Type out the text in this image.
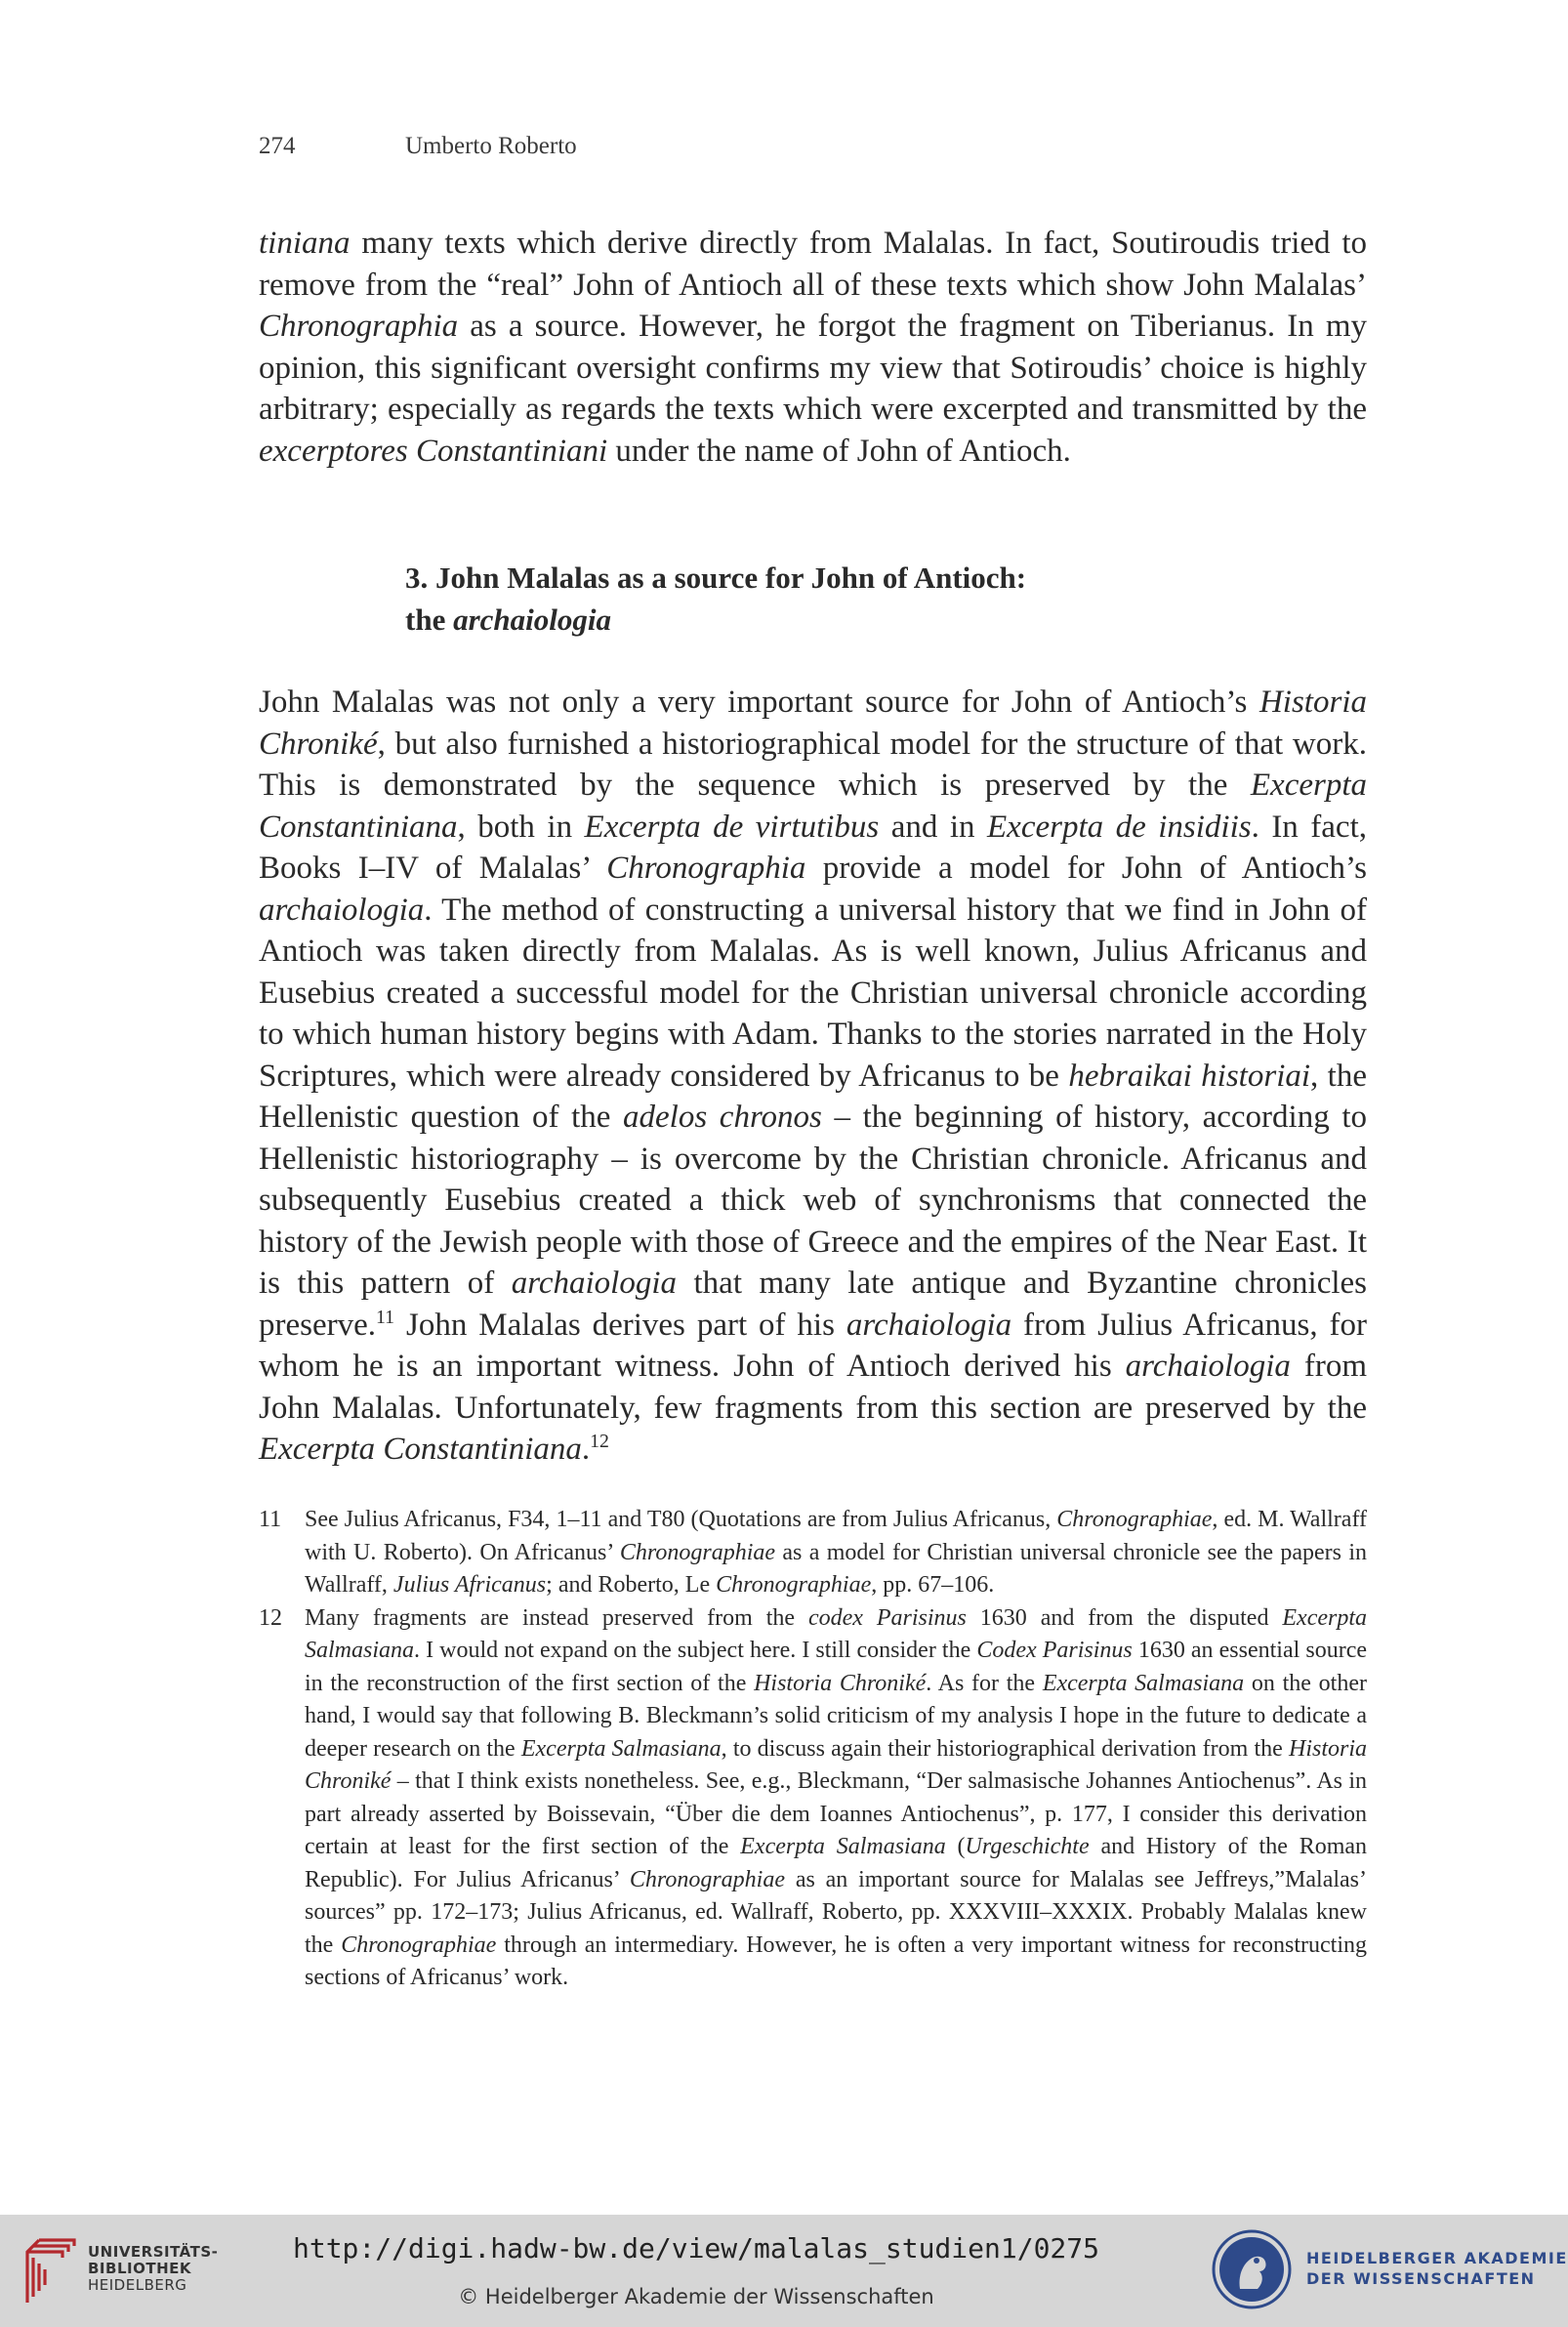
274	Umberto Roberto

tiniana many texts which derive directly from Malalas. In fact, Soutiroudis tried to remove from the “real” John of Antioch all of these texts which show John Malalas’ Chronographia as a source. However, he forgot the fragment on Tiberianus. In my opinion, this significant oversight confirms my view that Sotiroudis’ choice is highly arbitrary; especially as regards the texts which were excerpted and transmitted by the excerptores Constantiniani under the name of John of Antioch.

3. John Malalas as a source for John of Antioch:
the archaiologia

John Malalas was not only a very important source for John of Antioch’s Historia Chroniké, but also furnished a historiographical model for the structure of that work. This is demonstrated by the sequence which is preserved by the Excerpta Constantiniana, both in Excerpta de virtutibus and in Excerpta de insidiis. In fact, Books I–IV of Malalas’ Chronographia provide a model for John of Antioch’s archaiologia. The method of constructing a universal history that we find in John of Antioch was taken directly from Malalas. As is well known, Julius Africanus and Eusebius created a successful model for the Christian universal chronicle according to which human history begins with Adam. Thanks to the stories narrated in the Holy Scriptures, which were already considered by Africanus to be hebraikai historiai, the Hellenistic question of the adelos chronos – the beginning of history, according to Hellenistic historiography – is overcome by the Christian chronicle. Africanus and subsequently Eusebius created a thick web of synchronisms that connected the history of the Jewish people with those of Greece and the empires of the Near East. It is this pattern of archaiologia that many late antique and Byzantine chronicles preserve.$^{11}$ John Malalas derives part of his archaiologia from Julius Africanus, for whom he is an important witness. John of Antioch derived his archaiologia from John Malalas. Unfortunately, few fragments from this section are preserved by the Excerpta Constantiniana.$^{12}$

11 See Julius Africanus, F34, 1–11 and T80 (Quotations are from Julius Africanus, Chronographiae, ed. M. Wallraff with U. Roberto). On Africanus’ Chronographiae as a model for Christian universal chronicle see the papers in Wallraff, Julius Africanus; and Roberto, Le Chronographiae, pp. 67–106.
12 Many fragments are instead preserved from the codex Parisinus 1630 and from the disputed Excerpta Salmasiana. I would not expand on the subject here. I still consider the Codex Parisinus 1630 an essential source in the reconstruction of the first section of the Historia Chroniké. As for the Excerpta Salmasiana on the other hand, I would say that following B. Bleckmann’s solid criticism of my analysis I hope in the future to dedicate a deeper research on the Excerpta Salmasiana, to discuss again their historiographical derivation from the Historia Chroniké – that I think exists nonetheless. See, e.g., Bleckmann, “Der salmasische Johannes Antiochenus”. As in part already asserted by Boissevain, “Über die dem Ioannes Antiochenus”, p. 177, I consider this derivation certain at least for the first section of the Excerpta Salmasiana (Urgeschichte and History of the Roman Republic). For Julius Africanus’ Chronographiae as an important source for Malalas see Jeffreys,”Malalas’ sources” pp. 172–173; Julius Africanus, ed. Wallraff, Roberto, pp. XXXVIII–XXXIX. Probably Malalas knew the Chronographiae through an intermediary. However, he is often a very important witness for reconstructing sections of Africanus’ work.
UNIVERSITÄTS-
BIBLIOTHEK
HEIDELBERG
http://digi.hadw-bw.de/view/malalas_studien1/0275
© Heidelberger Akademie der Wissenschaften
HEIDELBERGER AKADEMIE
DER WISSENSCHAFTEN
